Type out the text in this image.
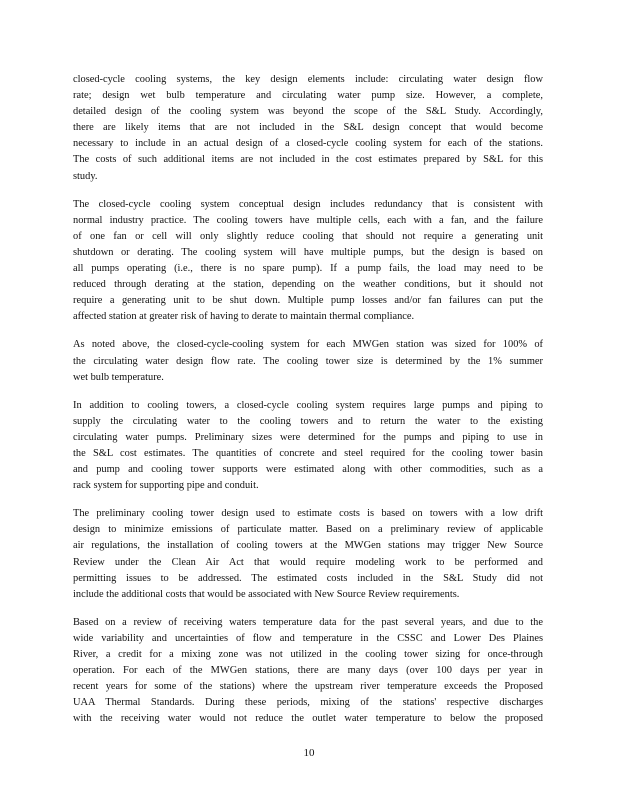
closed-cycle cooling systems, the key design elements include: circulating water design flow
rate; design wet bulb temperature and circulating water pump size. However, a complete,
detailed design of the cooling system was beyond the scope of the S&L Study. Accordingly,
there are likely items that are not included in the S&L design concept that would become
necessary to include in an actual design of a closed-cycle cooling system for each of the stations.
The costs of such additional items are not included in the cost estimates prepared by S&L for this
study.
The closed-cycle cooling system conceptual design includes redundancy that is consistent with
normal industry practice. The cooling towers have multiple cells, each with a fan, and the failure
of one fan or cell will only slightly reduce cooling that should not require a generating unit
shutdown or derating. The cooling system will have multiple pumps, but the design is based on
all pumps operating (i.e., there is no spare pump). If a pump fails, the load may need to be
reduced through derating at the station, depending on the weather conditions, but it should not
require a generating unit to be shut down. Multiple pump losses and/or fan failures can put the
affected station at greater risk of having to derate to maintain thermal compliance.
As noted above, the closed-cycle-cooling system for each MWGen station was sized for 100% of
the circulating water design flow rate. The cooling tower size is determined by the 1% summer
wet bulb temperature.
In addition to cooling towers, a closed-cycle cooling system requires large pumps and piping to
supply the circulating water to the cooling towers and to return the water to the existing
circulating water pumps. Preliminary sizes were determined for the pumps and piping to use in
the S&L cost estimates. The quantities of concrete and steel required for the cooling tower basin
and pump and cooling tower supports were estimated along with other commodities, such as a
rack system for supporting pipe and conduit.
The preliminary cooling tower design used to estimate costs is based on towers with a low drift
design to minimize emissions of particulate matter. Based on a preliminary review of applicable
air regulations, the installation of cooling towers at the MWGen stations may trigger New Source
Review under the Clean Air Act that would require modeling work to be performed and
permitting issues to be addressed. The estimated costs included in the S&L Study did not
include the additional costs that would be associated with New Source Review requirements.
Based on a review of receiving waters temperature data for the past several years, and due to the
wide variability and uncertainties of flow and temperature in the CSSC and Lower Des Plaines
River, a credit for a mixing zone was not utilized in the cooling tower sizing for once-through
operation. For each of the MWGen stations, there are many days (over 100 days per year in
recent years for some of the stations) where the upstream river temperature exceeds the Proposed
UAA Thermal Standards. During these periods, mixing of the stations' respective discharges
with the receiving water would not reduce the outlet water temperature to below the proposed
10
